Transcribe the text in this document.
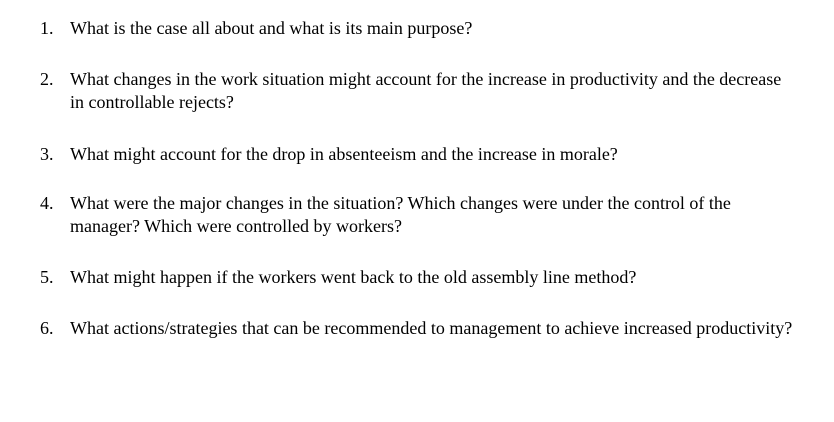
1. What is the case all about and what is its main purpose?
2. What changes in the work situation might account for the increase in productivity and the decrease in controllable rejects?
3. What might account for the drop in absenteeism and the increase in morale?
4. What were the major changes in the situation? Which changes were under the control of the manager? Which were controlled by workers?
5. What might happen if the workers went back to the old assembly line method?
6. What actions/strategies that can be recommended to management to achieve increased productivity?
